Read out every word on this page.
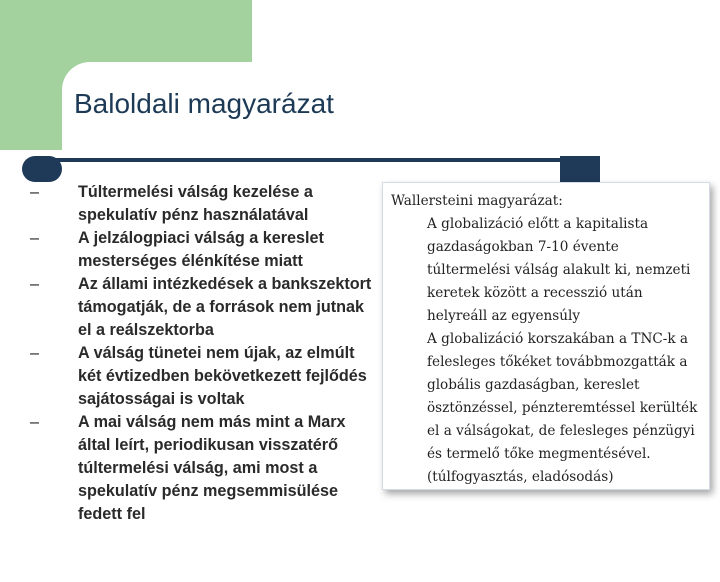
Baloldali magyarázat
– Túltermelési válság kezelése a spekulatív pénz használatával
– A jelzálogpiaci válság a kereslet mesterséges élénkítése miatt
– Az állami intézkedések a bankszektort támogatják, de a források nem jutnak el a reálszektorba
– A válság tünetei nem újak, az elmúlt két évtizedben bekövetkezett fejlődés sajátosságai is voltak
– A mai válság nem más mint a Marx által leírt, periodikusan visszatérő túltermelési válság, ami most a spekulatív pénz megsemmisülése fedett fel

Wallersteini magyarázat:

A globalizáció előtt a kapitalista gazdaságokban 7-10 évente túltermelési válság alakult ki, nemzeti keretek között a recesszió után helyreáll az egyensúly

A globalizáció korszakában a TNC-k a felesleges tőkéket továbbmozgatták a globális gazdaságban, kereslet ösztönzéssel, pénzteremtéssel kerülték el a válságokat, de felesleges pénzügyi és termelő tőke megmentésével. (túlfogyasztás, eladósodás)
